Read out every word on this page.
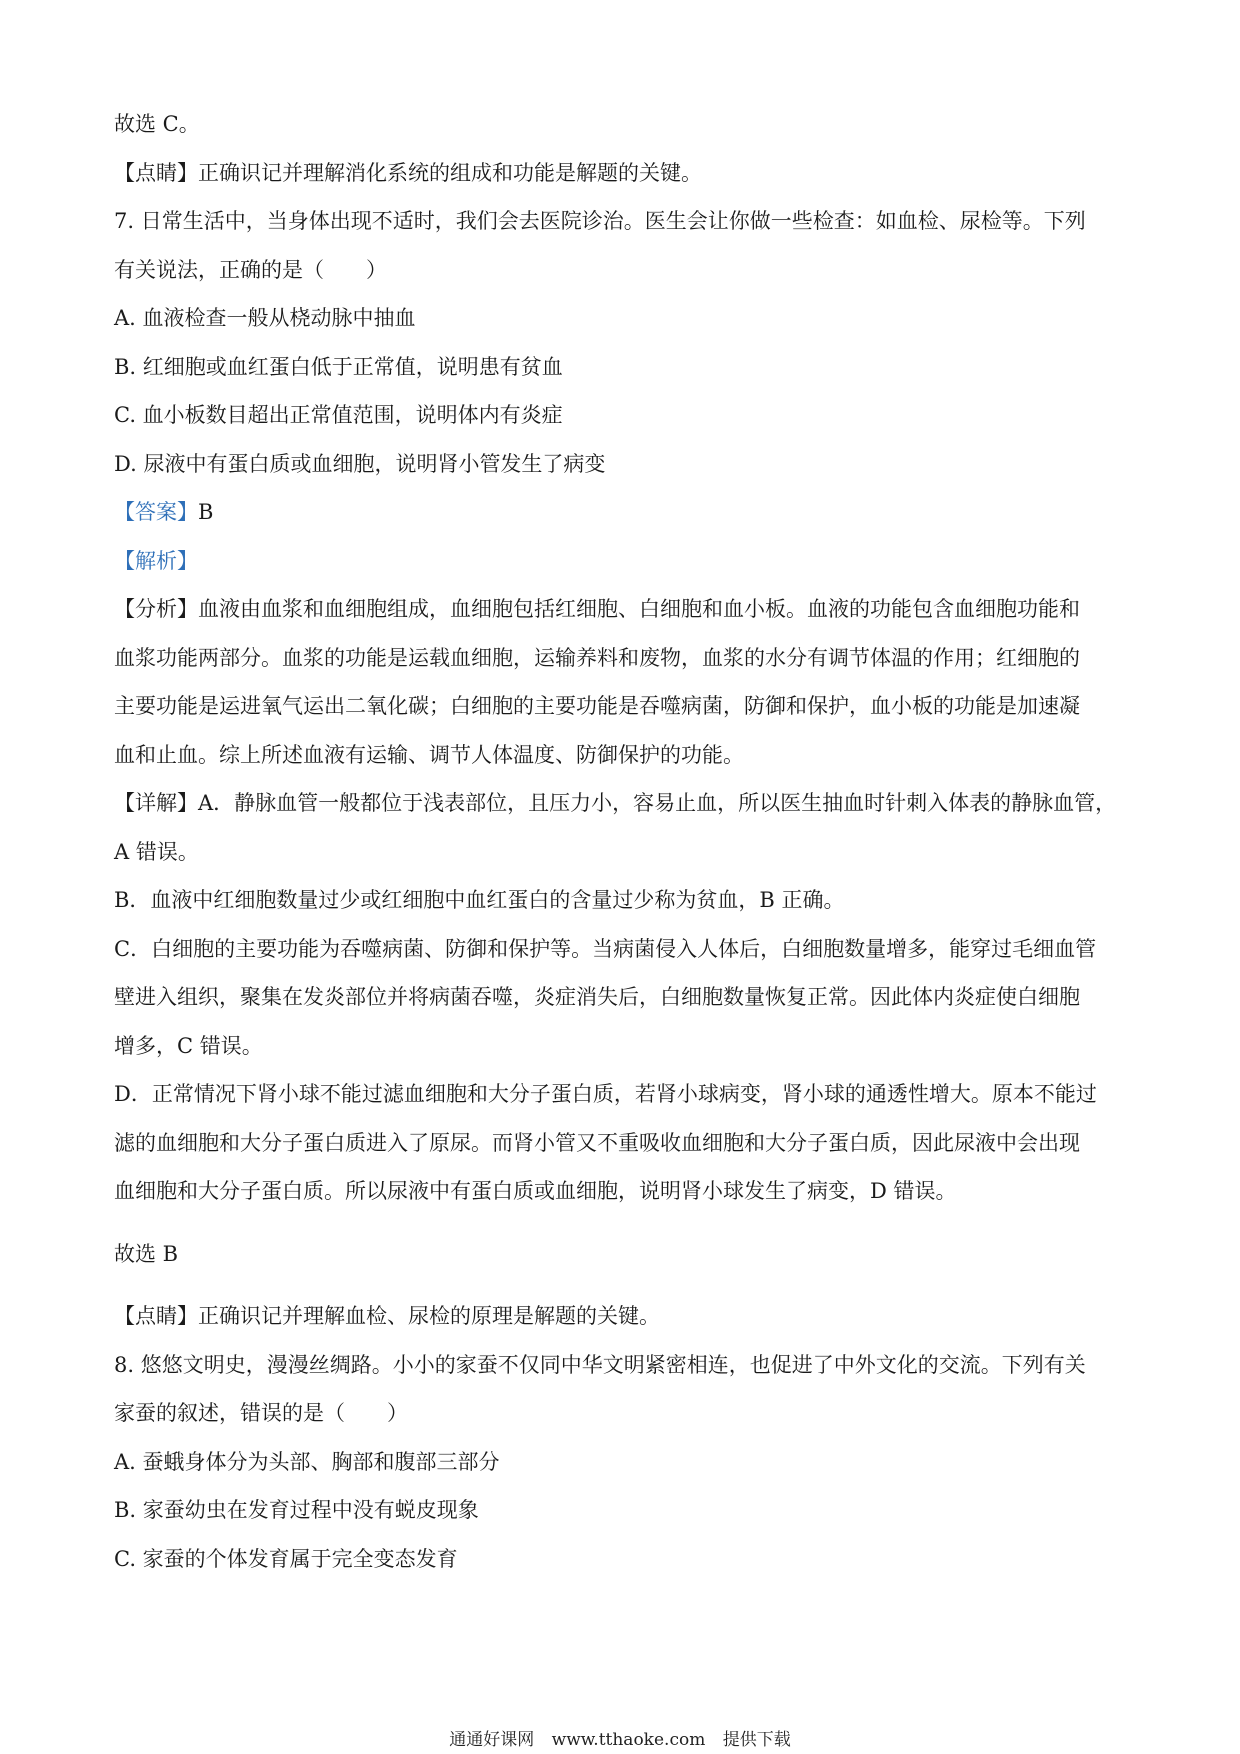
故选 C。
【点睛】正确识记并理解消化系统的组成和功能是解题的关键。
7. 日常生活中，当身体出现不适时，我们会去医院诊治。医生会让你做一些检查：如血检、尿检等。下列
有关说法，正确的是（　　）
A. 血液检查一般从桡动脉中抽血
B. 红细胞或血红蛋白低于正常值，说明患有贫血
C. 血小板数目超出正常值范围，说明体内有炎症
D. 尿液中有蛋白质或血细胞，说明肾小管发生了病变
【答案】B
【解析】
【分析】血液由血浆和血细胞组成，血细胞包括红细胞、白细胞和血小板。血液的功能包含血细胞功能和
血浆功能两部分。血浆的功能是运载血细胞，运输养料和废物，血浆的水分有调节体温的作用；红细胞的
主要功能是运进氧气运出二氧化碳；白细胞的主要功能是吞噬病菌，防御和保护，血小板的功能是加速凝
血和止血。综上所述血液有运输、调节人体温度、防御保护的功能。
【详解】A．静脉血管一般都位于浅表部位，且压力小，容易止血，所以医生抽血时针刺入体表的静脉血管，
A 错误。
B．血液中红细胞数量过少或红细胞中血红蛋白的含量过少称为贫血，B 正确。
C．白细胞的主要功能为吞噬病菌、防御和保护等。当病菌侵入人体后，白细胞数量增多，能穿过毛细血管
壁进入组织，聚集在发炎部位并将病菌吞噬，炎症消失后，白细胞数量恢复正常。因此体内炎症使白细胞
增多，C 错误。
D．正常情况下肾小球不能过滤血细胞和大分子蛋白质，若肾小球病变，肾小球的通透性增大。原本不能过
滤的血细胞和大分子蛋白质进入了原尿。而肾小管又不重吸收血细胞和大分子蛋白质，因此尿液中会出现
血细胞和大分子蛋白质。所以尿液中有蛋白质或血细胞，说明肾小球发生了病变，D 错误。
故选 B
【点睛】正确识记并理解血检、尿检的原理是解题的关键。
8. 悠悠文明史，漫漫丝绸路。小小的家蚕不仅同中华文明紧密相连，也促进了中外文化的交流。下列有关
家蚕的叙述，错误的是（　　）
A. 蚕蛾身体分为头部、胸部和腹部三部分
B. 家蚕幼虫在发育过程中没有蜕皮现象
C. 家蚕的个体发育属于完全变态发育
通通好课网 www.tthaoke.com 提供下载
